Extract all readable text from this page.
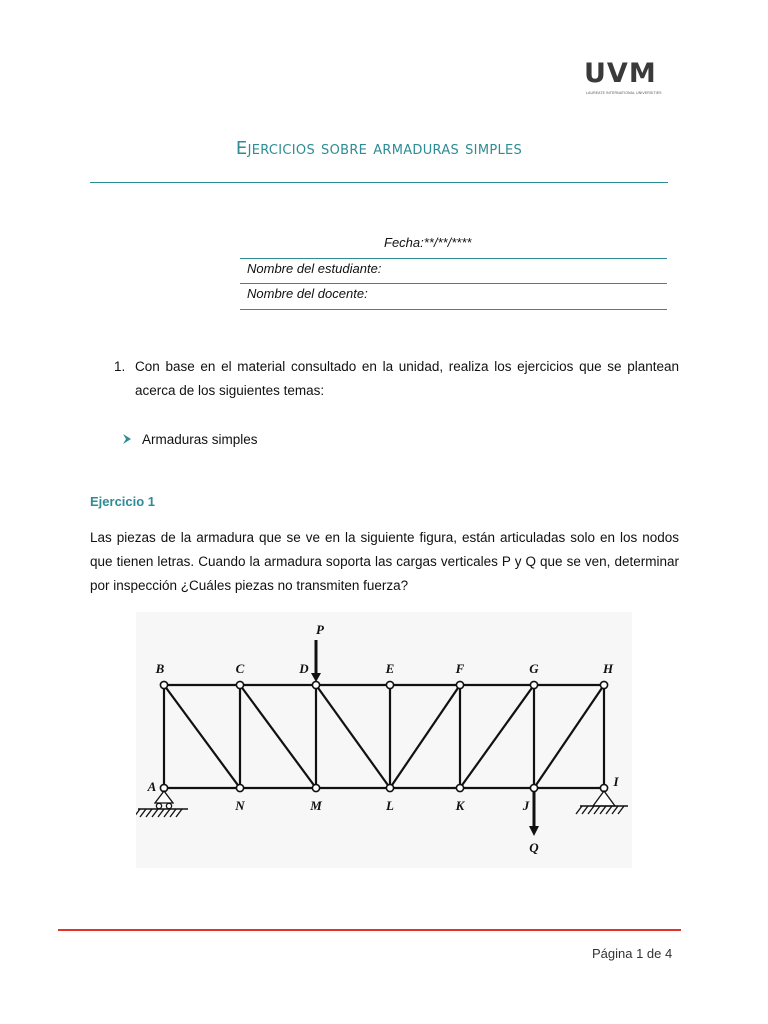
UVM
LAUREATE INTERNATIONAL UNIVERSITIES
Ejercicios sobre armaduras simples
Fecha:**/**/****
Nombre del estudiante:
Nombre del docente:
1. Con base en el material consultado en la unidad, realiza los ejercicios que se plantean acerca de los siguientes temas:
Armaduras simples
Ejercicio 1
Las piezas de la armadura que se ve en la siguiente figura, están articuladas solo en los nodos que tienen letras. Cuando la armadura soporta las cargas verticales P y Q que se ven, determinar por inspección ¿Cuáles piezas no transmiten fuerza?
B	C	D	E	F	G	H
A
N	M	L	K	J
I
P
Q
Página 1 de 4
